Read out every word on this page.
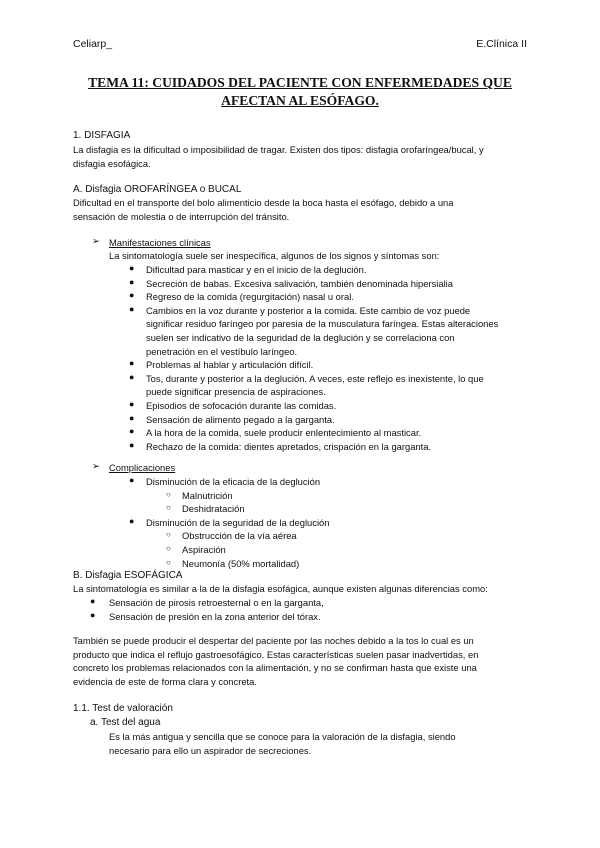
Celiarp_	E.Clínica II
TEMA 11: CUIDADOS DEL PACIENTE CON ENFERMEDADES QUE
AFECTAN AL ESÓFAGO.
1. DISFAGIA
La disfagia es la dificultad o imposibilidad de tragar. Existen dos tipos: disfagia orofaríngea/bucal, y
disfagia esofágica.
A. Disfagia OROFARÍNGEA o BUCAL
Dificultad en el transporte del bolo alimenticio desde la boca hasta el esófago, debido a una
sensación de molestia o de interrupción del tránsito.
➢ Manifestaciones clínicas
La sintomatología suele ser inespecífica, algunos de los signos y síntomas son:
● Dificultad para masticar y en el inicio de la deglución.
● Secreción de babas. Excesiva salivación, también denominada hipersialia
● Regreso de la comida (regurgitación) nasal u oral.
● Cambios en la voz durante y posterior a la comida. Este cambio de voz puede
significar residuo faríngeo por paresia de la musculatura faríngea. Estas alteraciones
suelen ser indicativo de la seguridad de la deglución y se correlaciona con
penetración en el vestíbulo laríngeo.
● Problemas al hablar y articulación difícil.
● Tos, durante y posterior a la deglución. A veces, este reflejo es inexistente, lo que
puede significar presencia de aspiraciones.
● Episodios de sofocación durante las comidas.
● Sensación de alimento pegado a la garganta.
● A la hora de la comida, suele producir enlentecimiento al masticar.
● Rechazo de la comida: dientes apretados, crispación en la garganta.
➢ Complicaciones
● Disminución de la eficacia de la deglución
○ Malnutrición
○ Deshidratación
● Disminución de la seguridad de la deglución
○ Obstrucción de la vía aérea
○ Aspiración
○ Neumonía (50% mortalidad)
B. Disfagia ESOFÁGICA
La sintomatología es similar a la de la disfagia esofágica, aunque existen algunas diferencias como:
● Sensación de pirosis retroesternal o en la garganta,
● Sensación de presión en la zona anterior del tórax.
También se puede producir el despertar del paciente por las noches debido a la tos lo cual es un
producto que indica el reflujo gastroesofágico. Estas características suelen pasar inadvertidas, en
concreto los problemas relacionados con la alimentación, y no se confirman hasta que existe una
evidencia de este de forma clara y concreta.
1.1. Test de valoración
a. Test del agua
Es la más antigua y sencilla que se conoce para la valoración de la disfagia, siendo
necesario para ello un aspirador de secreciones.
